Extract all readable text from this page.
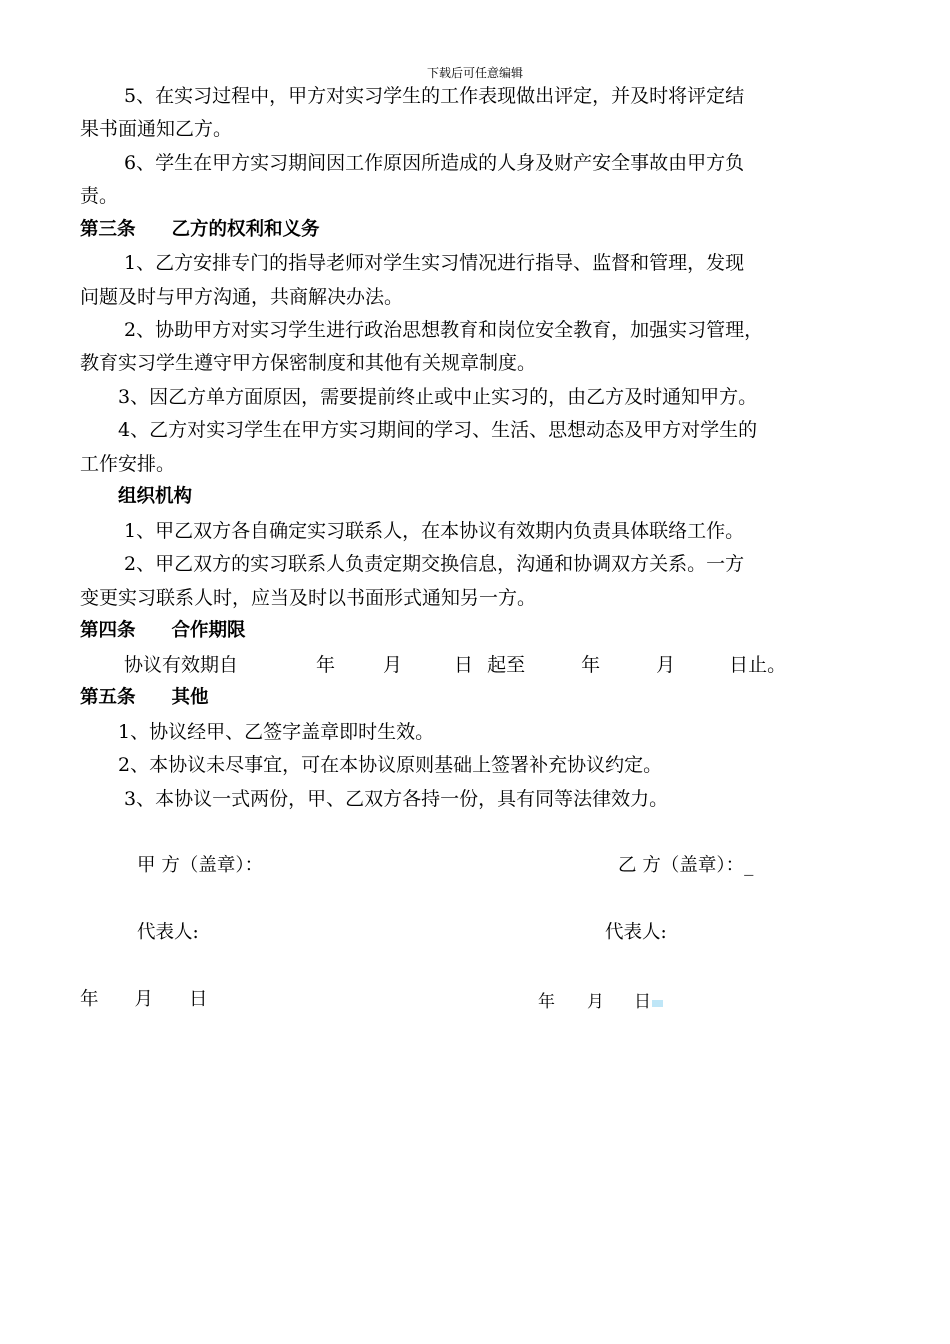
下载后可任意编辑
5、在实习过程中，甲方对实习学生的工作表现做出评定，并及时将评定结
果书面通知乙方。
6、学生在甲方实习期间因工作原因所造成的人身及财产安全事故由甲方负
责。
第三条 乙方的权利和义务
1、乙方安排专门的指导老师对学生实习情况进行指导、监督和管理，发现
问题及时与甲方沟通，共商解决办法。
2、协助甲方对实习学生进行政治思想教育和岗位安全教育，加强实习管理，
教育实习学生遵守甲方保密制度和其他有关规章制度。
3、因乙方单方面原因，需要提前终止或中止实习的，由乙方及时通知甲方。
4、乙方对实习学生在甲方实习期间的学习、生活、思想动态及甲方对学生的
工作安排。
组织机构
1、甲乙双方各自确定实习联系人，在本协议有效期内负责具体联络工作。
2、甲乙双方的实习联系人负责定期交换信息，沟通和协调双方关系。一方
变更实习联系人时，应当及时以书面形式通知另一方。
第四条 合作期限
协议有效期自	年	月	日 起至	年	月	日止。
第五条 其他
1、协议经甲、乙签字盖章即时生效。
2、本协议未尽事宜，可在本协议原则基础上签署补充协议约定。
3、本协议一式两份，甲、乙双方各持一份，具有同等法律效力。
甲 方（盖章）：	乙 方（盖章）：_
代表人:	代表人:
年 月 日	年 月 日
